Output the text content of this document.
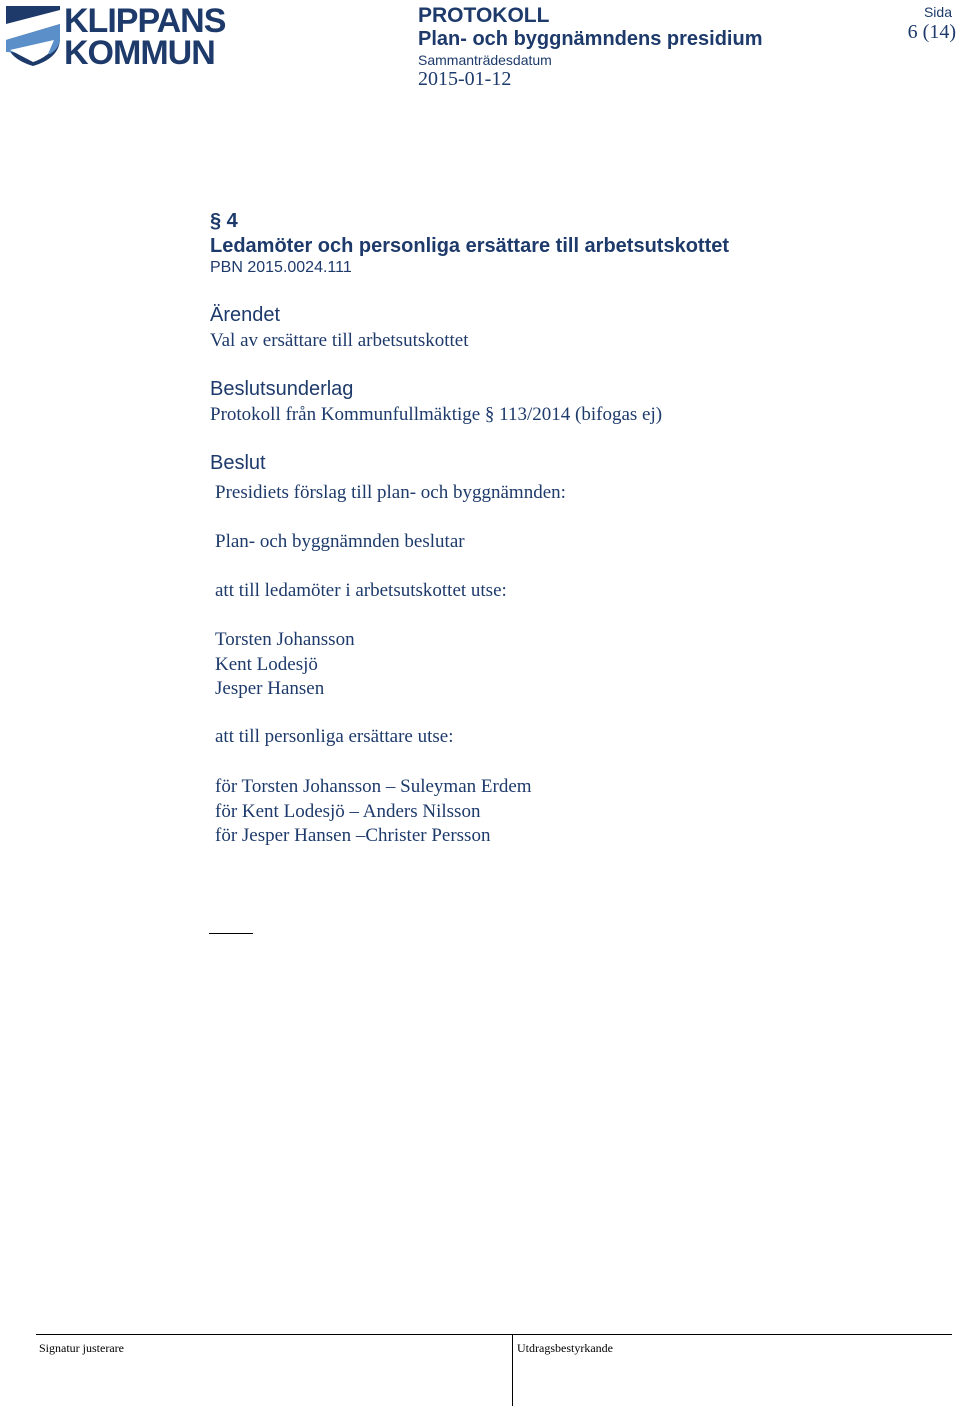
KLIPPANS
KOMMUN
PROTOKOLL
Plan- och byggnämndens presidium
Sammanträdesdatum
2015-01-12
Sida
6 (14)
§ 4
Ledamöter och personliga ersättare till arbetsutskottet
PBN 2015.0024.111
Ärendet
Val av ersättare till arbetsutskottet
Beslutsunderlag
Protokoll från Kommunfullmäktige § 113/2014 (bifogas ej)
Beslut
Presidiets förslag till plan- och byggnämnden:
Plan- och byggnämnden beslutar
att till ledamöter i arbetsutskottet utse:
Torsten Johansson
Kent Lodesjö
Jesper Hansen
att till personliga ersättare utse:
för Torsten Johansson – Suleyman Erdem
för Kent Lodesjö – Anders Nilsson
för Jesper Hansen –Christer Persson
Signatur justerare	Utdragsbestyrkande
